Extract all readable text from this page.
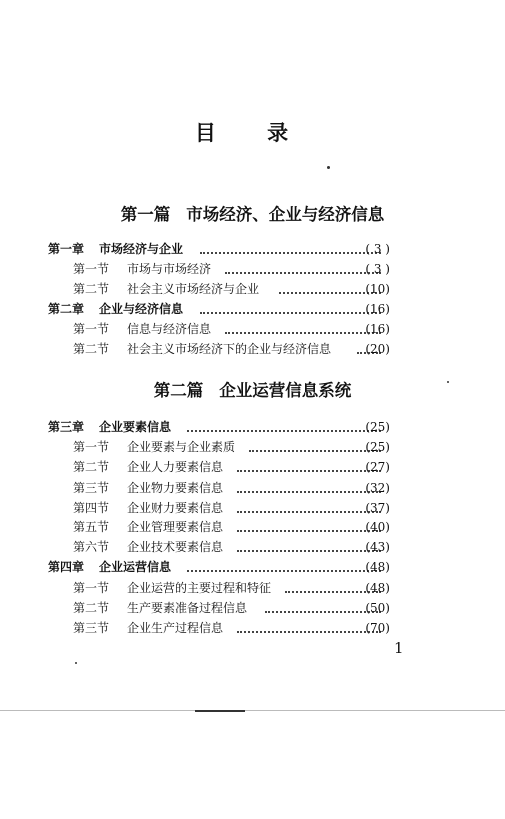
目 录
第一篇 市场经济、企业与经济信息
第一章 市场经济与企业	( 3 )
第一节 市场与市场经济	( 3 )
第二节 社会主义市场经济与企业	(10)
第二章 企业与经济信息	(16)
第一节 信息与经济信息	(16)
第二节 社会主义市场经济下的企业与经济信息	(20)
第二篇 企业运营信息系统
第三章 企业要素信息	(25)
第一节 企业要素与企业素质	(25)
第二节 企业人力要素信息	(27)
第三节 企业物力要素信息	(32)
第四节 企业财力要素信息	(37)
第五节 企业管理要素信息	(40)
第六节 企业技术要素信息	(43)
第四章 企业运营信息	(48)
第一节 企业运营的主要过程和特征	(48)
第二节 生产要素准备过程信息	(50)
第三节 企业生产过程信息	(70)
1
